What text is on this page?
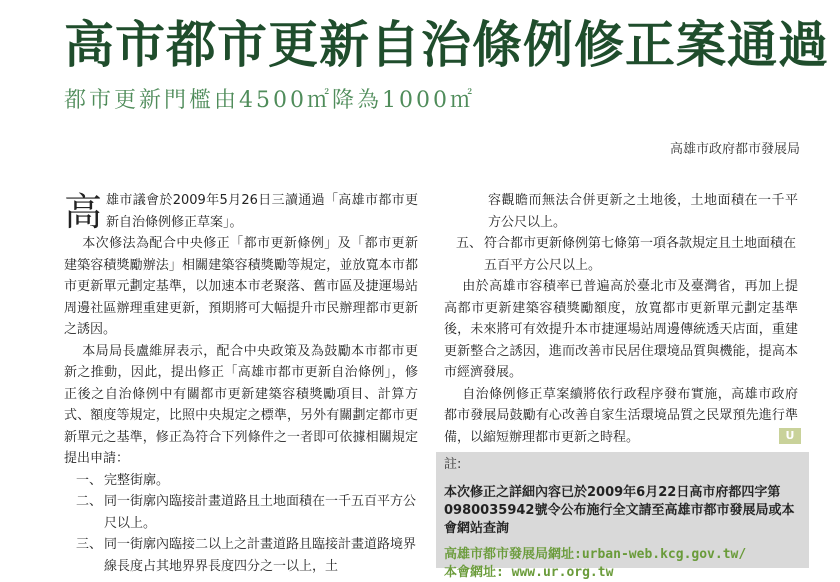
高市都市更新自治條例修正案通過
都市更新門檻由4500㎡降為1000㎡
高雄市政府都市發展局

高雄市議會於2009年5月26日三讀通過「高雄市都市更新自治條例修正草案」。

本次修法為配合中央修正「都市更新條例」及「都市更新建築容積獎勵辦法」相關建築容積獎勵等規定，並放寬本市都市更新單元劃定基準，以加速本市老聚落、舊市區及捷運場站周邊社區辦理重建更新，預期將可大幅提升市民辦理都市更新之誘因。

本局局長盧維屏表示，配合中央政策及為鼓勵本市都市更新之推動，因此，提出修正「高雄市都市更新自治條例」，修正後之自治條例中有關都市更新建築容積獎勵項目、計算方式、額度等規定，比照中央規定之標準，另外有關劃定都市更新單元之基準，修正為符合下列條件之一者即可依據相關規定提出申請：

一、 完整街廓。
二、 同一街廓內臨接計畫道路且土地面積在一千五百平方公尺以上。
三、 同一街廓內臨接二以上之計畫道路且臨接計畫道路境界線長度占其地界界長度四分之一以上，土

容觀瞻而無法合併更新之土地後，土地面積在一千平方公尺以上。

五、 符合都市更新條例第七條第一項各款規定且土地面積在五百平方公尺以上。

由於高雄市容積率已普遍高於臺北市及臺灣省，再加上提高都市更新建築容積獎勵額度，放寬都市更新單元劃定基準後，未來將可有效提升本市捷運場站周邊傳統透天店面，重建更新整合之誘因，進而改善市民居住環境品質與機能，提高本市經濟發展。

自治條例修正草案續將依行政程序發布實施，高雄市政府都市發展局鼓勵有心改善自家生活環境品質之民眾預先進行準備，以縮短辦理都市更新之時程。	U
註:
本次修正之詳細內容已於2009年6月22日高市府都四字第0980035942號令公布施行全文請至高雄市都市發展局或本會網站查詢
高雄市都市發展局網址:urban-web.kcg.gov.tw/
本會網址: www.ur.org.tw
